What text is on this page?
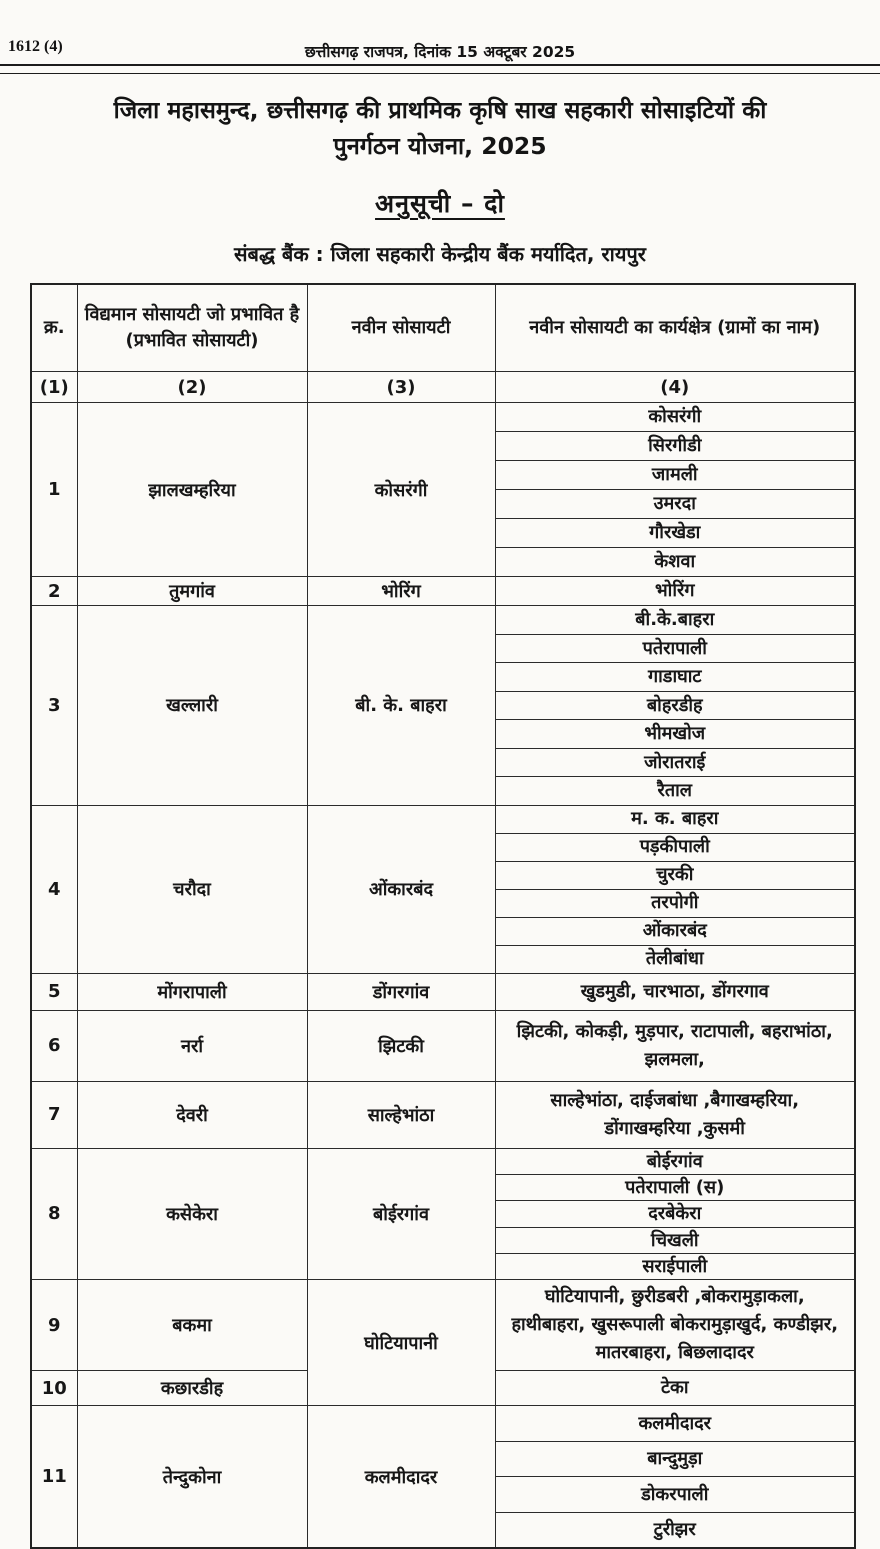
1612 (4)	छत्तीसगढ़ राजपत्र, दिनांक 15 अक्टूबर 2025
जिला महासमुन्द, छत्तीसगढ़ की प्राथमिक कृषि साख सहकारी सोसाइटियों की
पुनर्गठन योजना, 2025
अनुसूची – दो
संबद्ध बैंक : जिला सहकारी केन्द्रीय बैंक मर्यादित, रायपुर
क्र.	विद्यमान सोसायटी जो प्रभावित है (प्रभावित सोसायटी)	नवीन सोसायटी	नवीन सोसायटी का कार्यक्षेत्र (ग्रामों का नाम)
(1)	(2)	(3)	(4)
1	झालखम्हरिया	कोसरंगी	कोसरंगी
			सिरगीडी
			जामली
			उमरदा
			गौरखेडा
			केशवा
2	तुमगांव	भोरिंग	भोरिंग
3	खल्लारी	बी. के. बाहरा	बी.के.बाहरा
			पतेरापाली
			गाडाघाट
			बोहरडीह
			भीमखोज
			जोरातराई
			रैताल
4	चरौदा	ओंकारबंद	म. क. बाहरा
			पड़कीपाली
			चुरकी
			तरपोगी
			ओंकारबंद
			तेलीबांधा
5	मोंगरापाली	डोंगरगांव	खुडमुडी, चारभाठा, डोंगरगाव
6	नर्रा	झिटकी	झिटकी, कोकड़ी, मुड़पार, राटापाली, बहराभांठा, झलमला,
7	देवरी	साल्हेभांठा	साल्हेभांठा, दाईजबांधा ,बैगाखम्हरिया, डोंगाखम्हरिया ,कुसमी
8	कसेकेरा	बोईरगांव	बोईरगांव
			पतेरापाली (स)
			दरबेकेरा
			चिखली
			सराईपाली
9	बकमा	घोटियापानी	घोटियापानी, छुरीडबरी ,बोकरामुड़ाकला, हाथीबाहरा, खुसरूपाली बोकरामुड़ाखुर्द, कण्डीझर, मातरबाहरा, बिछलादादर
10	कछारडीह		टेका
11	तेन्दुकोना	कलमीदादर	कलमीदादर
			बान्दुमुड़ा
			डोकरपाली
			टुरीझर
